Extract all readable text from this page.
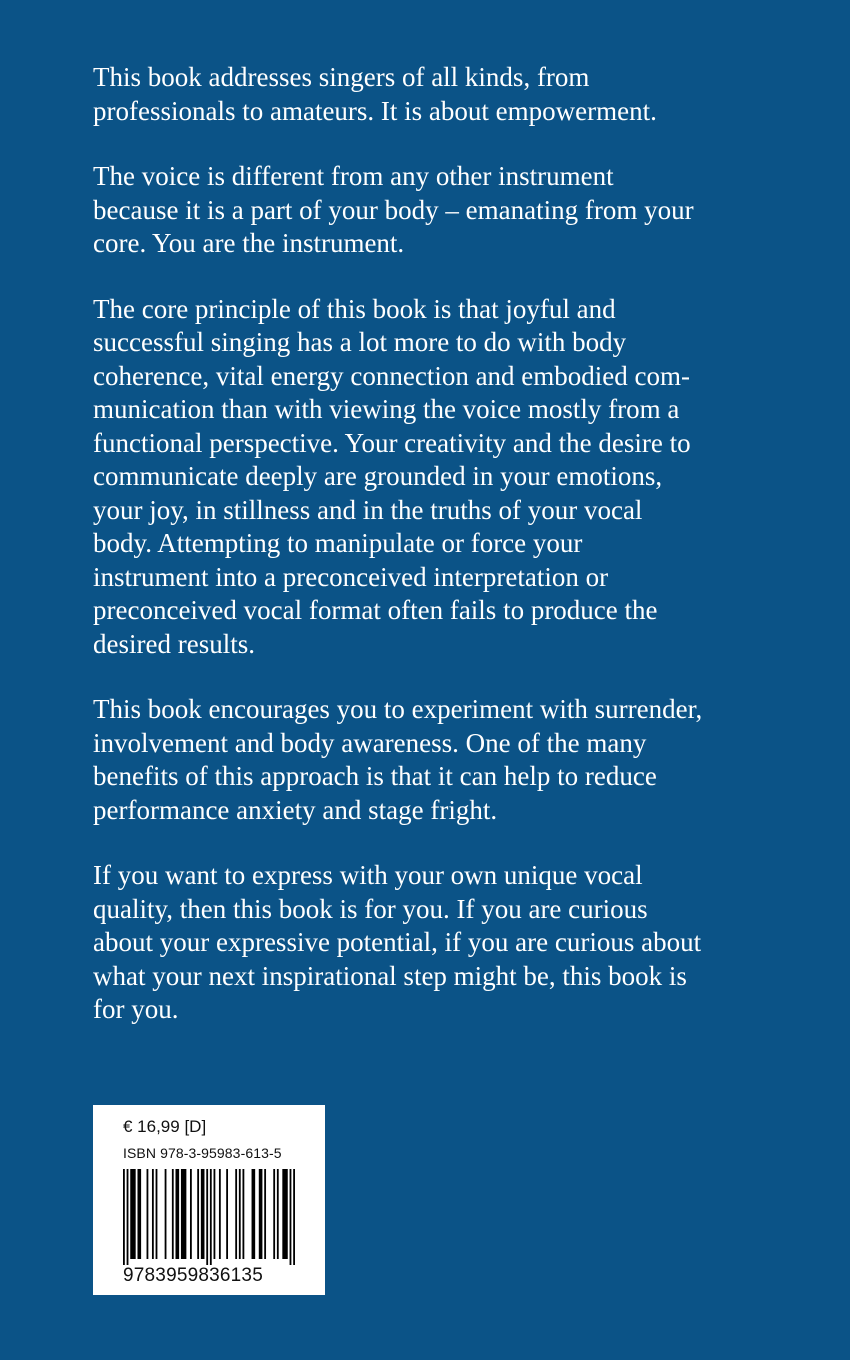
This book addresses singers of all kinds, from
professionals to amateurs. It is about empowerment.

The voice is different from any other instrument
because it is a part of your body – emanating from your
core. You are the instrument.

The core principle of this book is that joyful and
successful singing has a lot more to do with body
coherence, vital energy connection and embodied com-
munication than with viewing the voice mostly from a
functional perspective. Your creativity and the desire to
communicate deeply are grounded in your emotions,
your joy, in stillness and in the truths of your vocal
body. Attempting to manipulate or force your
instrument into a preconceived interpretation or
preconceived vocal format often fails to produce the
desired results.

This book encourages you to experiment with surrender,
involvement and body awareness. One of the many
benefits of this approach is that it can help to reduce
performance anxiety and stage fright.

If you want to express with your own unique vocal
quality, then this book is for you. If you are curious
about your expressive potential, if you are curious about
what your next inspirational step might be, this book is
for you.

€ 16,99 [D]
ISBN 978-3-95983-613-5
9783959836135
